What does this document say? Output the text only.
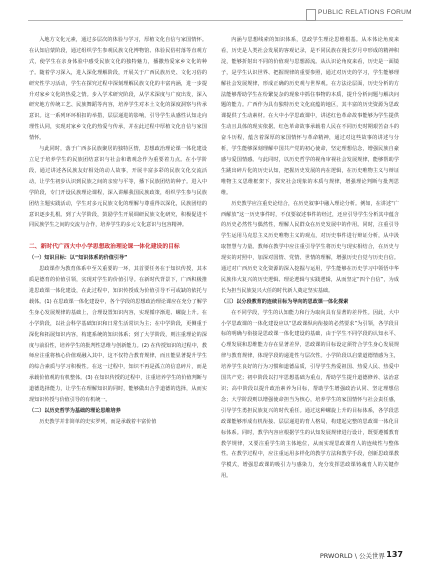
PUBLIC RELATIONS FORUM

入地方文化元素，通过多层次的体验与学习，厚植文化自信与家国情怀。在认知启蒙阶段，通过组织学生参观民族文化博物馆、体验民俗村落等直观方式，使学生在亲身体验中感受民族文化的独特魅力，播撒热爱家乡文化的种子。随着学习深入，进入深化理解阶段，开展关于广西民族历史、文化习俗的研究性学习活动，学生在探究过程中深刻理解民族文化的丰富内涵，进一步提升对家乡文化的热爱之情。步入学术研究阶段，从学术深度与广度出发，深入研究地方传统工艺、民族舞蹈等内容，培养学生对本土文化的深度洞察与传承意识。这一系列环环相扣的举措，层层递进的影响，引导学生从感性认知走向理性认同，实现对家乡文化的热爱与传承，并在此过程中厚植文化自信与家国情怀。

与此同时，落于广西多民族聚居的独特区情，思想政治理论课一体化建设立足于培养学生的民族团结意识与社会和谐观念作为重要着力点。在小学阶段，通过讲述各民族友好相处的动人故事，开展丰富多彩的民族文化交流活动，让学生初步认识到民族之间的亲密与平等，播下民族团结的种子。进入中学阶段，专门开设民族理论课程，深入讲解我国民族政策，组织学生参与民族团结主题实践活动，学生对多元民族文化的理解与尊重得以深化，民族团结的意识逐步扎根。到了大学阶段，鼓励学生开展调研民族文化研究，积极促进不同民族学生之间的交流与合作，培养学生的多元文化意识与包容精神。

二、新时代广西大中小学思想政治理论课一体化建设的目标

（一）知识目标：以“知识体系的价值引导”

思政课作为教育体系中至关重要的一环，其首要任务在于知识传授，其本质是德育的价值引领，实现对学生的价值引导。在新时代背景下，广西积极推进思政课一体化建设，在此过程中，知识传授成为价值引导不可或缺的依托与载体。(1) 在思政课一体化建设中，各个学段的思想政治理论课应在充分了解学生身心发展规律的基础上，合理设置知识内容，实现循序渐进、螺旋上升。在小学阶段，以社会科学基础知识和日常生活常识为主；在中学阶段，更侧重于深化和拓展知识内容，构建系统的知识体系；到了大学阶段，则注重理论的深度与前沿性，培养学生的批判性思维与创新能力。(2) 在传授知识的过程中，教师应注重将核心价值观融入其中，这不仅符合教育规律，而且能显著提升学生的综合素质与学习积极性。在这一过程中，知识不再是孤立的信息碎片，而是承载价值观的有机整体。(3) 在知识传授的过程中，注重培养学生的价值判断与道德选择能力，让学生在理解知识的同时，能够做出合乎道德的选择，从而实现知识传授与价值引导的有机统一。

（二）以历史哲学为基础的理论思维培养

历史教学并非简单的史实罗列，而是承载着丰富价值

内涵与思想线索的知识体系，思政学生理论思维根基。从本体论角度来看，历史是人类社会发展的客观记录，是不同民族在漫长岁月中形成的精神积淀，能够折射出不同的价值观与思想源流。从认识论角度来看，历史是一面镜子，是学生认识世界、把握规律的重要参照，通过对历史的学习，学生能够理解社会发展规律，形成正确的历史观与世界观。在方法论层面，历史分析的方法能够帮助学生在纷繁复杂的现象中抓住事物的本质，提升分析问题与解决问题的能力。广西作为具有独特历史文化底蕴的地区，其丰富的历史资源为思政课提供了生动素材。在大中小学思政课中，讲述红色革命故事能够为学生提供生动且具体的现实依据。红色革命故事承载着人民在不同历史时期艰苦奋斗的奋斗历程，蕴含着深厚的家国情怀与革命精神，通过对这些故事的讲述与分析，学生能够深刻理解中国共产党的初心使命，坚定理想信念，增强民族自豪感与爱国情感。与此同时，以历史哲学的视角审视社会发展规律，能够帮助学生跳出碎片化的历史认知，把握历史发展的内在逻辑，在历史唯物主义与辩证唯物主义思维框架下，探究社会现象的本质与规律，增强理论判断与批判思维。

历史教学应注重史论结合，在历史叙事中融入理论分析。例如，在讲述“广西解放”这一历史事件时，不仅要叙述事件的经过，还应引导学生分析其中蕴含的历史必然性与偶然性，理解人民群众在历史发展中的作用。同时，注重引导学生运用马克思主义历史唯物主义的观点，对历史事件进行辩证分析，从中汲取智慧与力量。教师在教学中应注重引导学生将历史与现实相结合，在历史与现实的对照中，加深对国情、党情、世情的理解，增强历史自觉与历史自信。通过对广西历史文化资源的深入挖掘与运用，学生能够在历史学习中领悟中华民族伟大复兴的历史逻辑、理论逻辑与实践逻辑，从而坚定“四个自信”，为成长为担当民族复兴大任的时代新人奠定坚实基础。

（三）以分段教育的连续目标为导向的思政课一体化探索

在不同学段，学生的认知能力和行为取向具有显著的差异性。因此，大中小学思政课的一体化建设应以“思政课纵向衔接的必然要求”为引领，各学段目标的明确与衔接是思政课一体化建设的基础，由于学生不同学段的认知水平、心理发展和思维能力存在显著差异，思政课的目标设定须符合学生身心发展规律与教育规律，体现学段的递进性与层次性。小学阶段以启蒙道德情感为主，培养学生良好的行为习惯和道德品质，引导学生热爱祖国、热爱人民、热爱中国共产党；初中阶段以打牢思想基础为重点，帮助学生提升道德修养、法治意识；高中阶段以提升政治素养为目标，帮助学生增强政治认同、坚定理想信念；大学阶段则以增强使命担当为核心，培养学生的家国情怀与社会责任感，引导学生勇担民族复兴的时代重任。通过这种螺旋上升的目标体系，各学段思政课能够形成有机衔接、层层递进的育人格局，构建起完整的思政课一体化目标体系。同时，教学内容应根据学生的认知发展规律进行设计，既要遵循教育教学规律，又要注重学生的主体地位，从而实现思政课育人的连续性与整体性。在教学过程中，应注重运用多样化的教学方法和教学手段，创新思政课教学模式，增强思政课的吸引力与感染力，充分发挥思政课铸魂育人的关键作用。

PRWORLD \ 公关世界 137
